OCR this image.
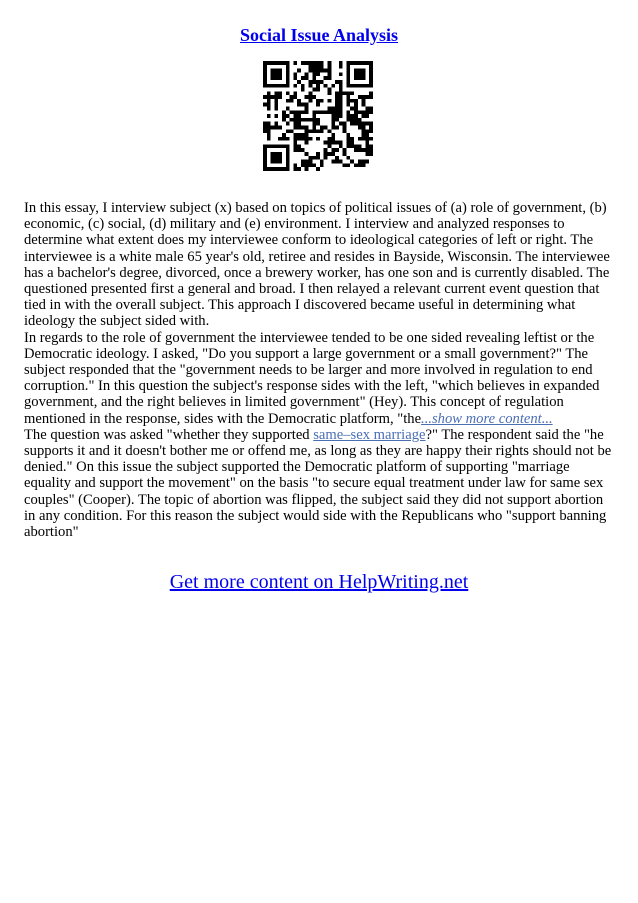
Social Issue Analysis

In this essay, I interview subject (x) based on topics of political issues of (a) role of government, (b) economic, (c) social, (d) military and (e) environment. I interview and analyzed responses to determine what extent does my interviewee conform to ideological categories of left or right. The interviewee is a white male 65 year's old, retiree and resides in Bayside, Wisconsin. The interviewee has a bachelor's degree, divorced, once a brewery worker, has one son and is currently disabled. The questioned presented first a general and broad. I then relayed a relevant current event question that tied in with the overall subject. This approach I discovered became useful in determining what ideology the subject sided with.

In regards to the role of government the interviewee tended to be one sided revealing leftist or the Democratic ideology. I asked, "Do you support a large government or a small government?" The subject responded that the "government needs to be larger and more involved in regulation to end corruption." In this question the subject's response sides with the left, "which believes in expanded government, and the right believes in limited government" (Hey). This concept of regulation mentioned in the response, sides with the Democratic platform, "the...show more content...

The question was asked "whether they supported same–sex marriage?" The respondent said the "he supports it and it doesn't bother me or offend me, as long as they are happy their rights should not be denied." On this issue the subject supported the Democratic platform of supporting "marriage equality and support the movement" on the basis "to secure equal treatment under law for same sex couples" (Cooper). The topic of abortion was flipped, the subject said they did not support abortion in any condition. For this reason the subject would side with the Republicans who "support banning abortion"

Get more content on HelpWriting.net
